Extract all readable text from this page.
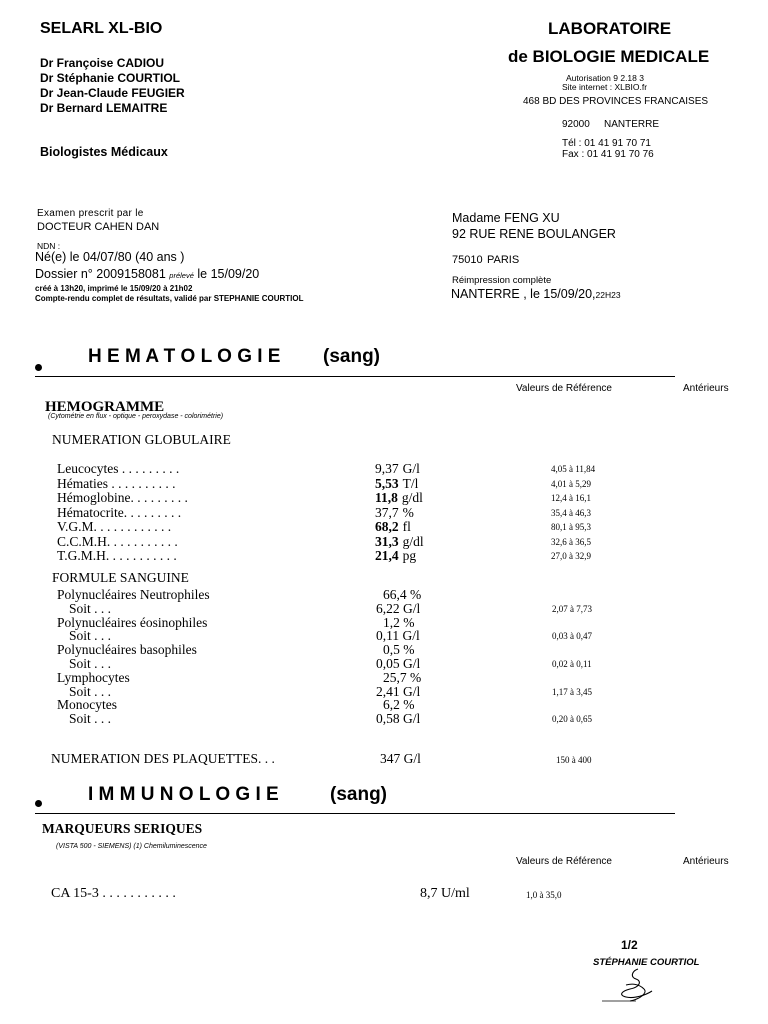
SELARL XL-BIO
Dr Françoise CADIOU
Dr Stéphanie COURTIOL
Dr Jean-Claude FEUGIER
Dr Bernard LEMAITRE
Biologistes Médicaux
LABORATOIRE
de BIOLOGIE MEDICALE
Autorisation 9 2.18 3
Site internet : XLBIO.fr
468 BD DES PROVINCES FRANCAISES
92000 NANTERRE
Tél : 01 41 91 70 71
Fax : 01 41 91 70 76
Examen prescrit par le
DOCTEUR CAHEN DAN
NDN :
Né(e) le 04/07/80 (40 ans )
Dossier n° 2009158081 prélevé le 15/09/20
créé à 13h20, imprimé le 15/09/20 à 21h02
Compte-rendu complet de résultats, validé par STEPHANIE COURTIOL
Madame FENG XU
92 RUE RENE BOULANGER
75010 PARIS
Réimpression complète
NANTERRE , le 15/09/20,22H23
H E M A T O L O G I E (sang)
Valeurs de Référence	Antérieurs
HEMOGRAMME
(Cytométrie en flux - optique - peroxydase - colorimétrie)
NUMERATION GLOBULAIRE
Leucocytes . . . . . . . . .	9,37 G/l	4,05 à 11,84
Hématies . . . . . . . . . .	5,53 T/l	4,01 à 5,29
Hémoglobine. . . . . . . . .	11,8 g/dl	12,4 à 16,1
Hématocrite. . . . . . . . .	37,7 %	35,4 à 46,3
V.G.M. . . . . . . . . . . .	68,2 fl	80,1 à 95,3
C.C.M.H. . . . . . . . . . .	31,3 g/dl	32,6 à 36,5
T.G.M.H. . . . . . . . . . .	21,4 pg	27,0 à 32,9
FORMULE SANGUINE
Polynucléaires Neutrophiles	66,4 %
Soit . . .	6,22 G/l	2,07 à 7,73
Polynucléaires éosinophiles	1,2 %
Soit . . .	0,11 G/l	0,03 à 0,47
Polynucléaires basophiles	0,5 %
Soit . . .	0,05 G/l	0,02 à 0,11
Lymphocytes	25,7 %
Soit . . .	2,41 G/l	1,17 à 3,45
Monocytes	6,2 %
Soit . . .	0,58 G/l	0,20 à 0,65
NUMERATION DES PLAQUETTES. . .	347 G/l	150 à 400
I M M U N O L O G I E	(sang)
MARQUEURS SERIQUES
(VISTA 500 - SIEMENS) (1) Chemiluminescence
Valeurs de Référence	Antérieurs
CA 15-3 . . . . . . . . . . .	8,7 U/ml	1,0 à 35,0
1/2
STÉPHANIE COURTIOL
